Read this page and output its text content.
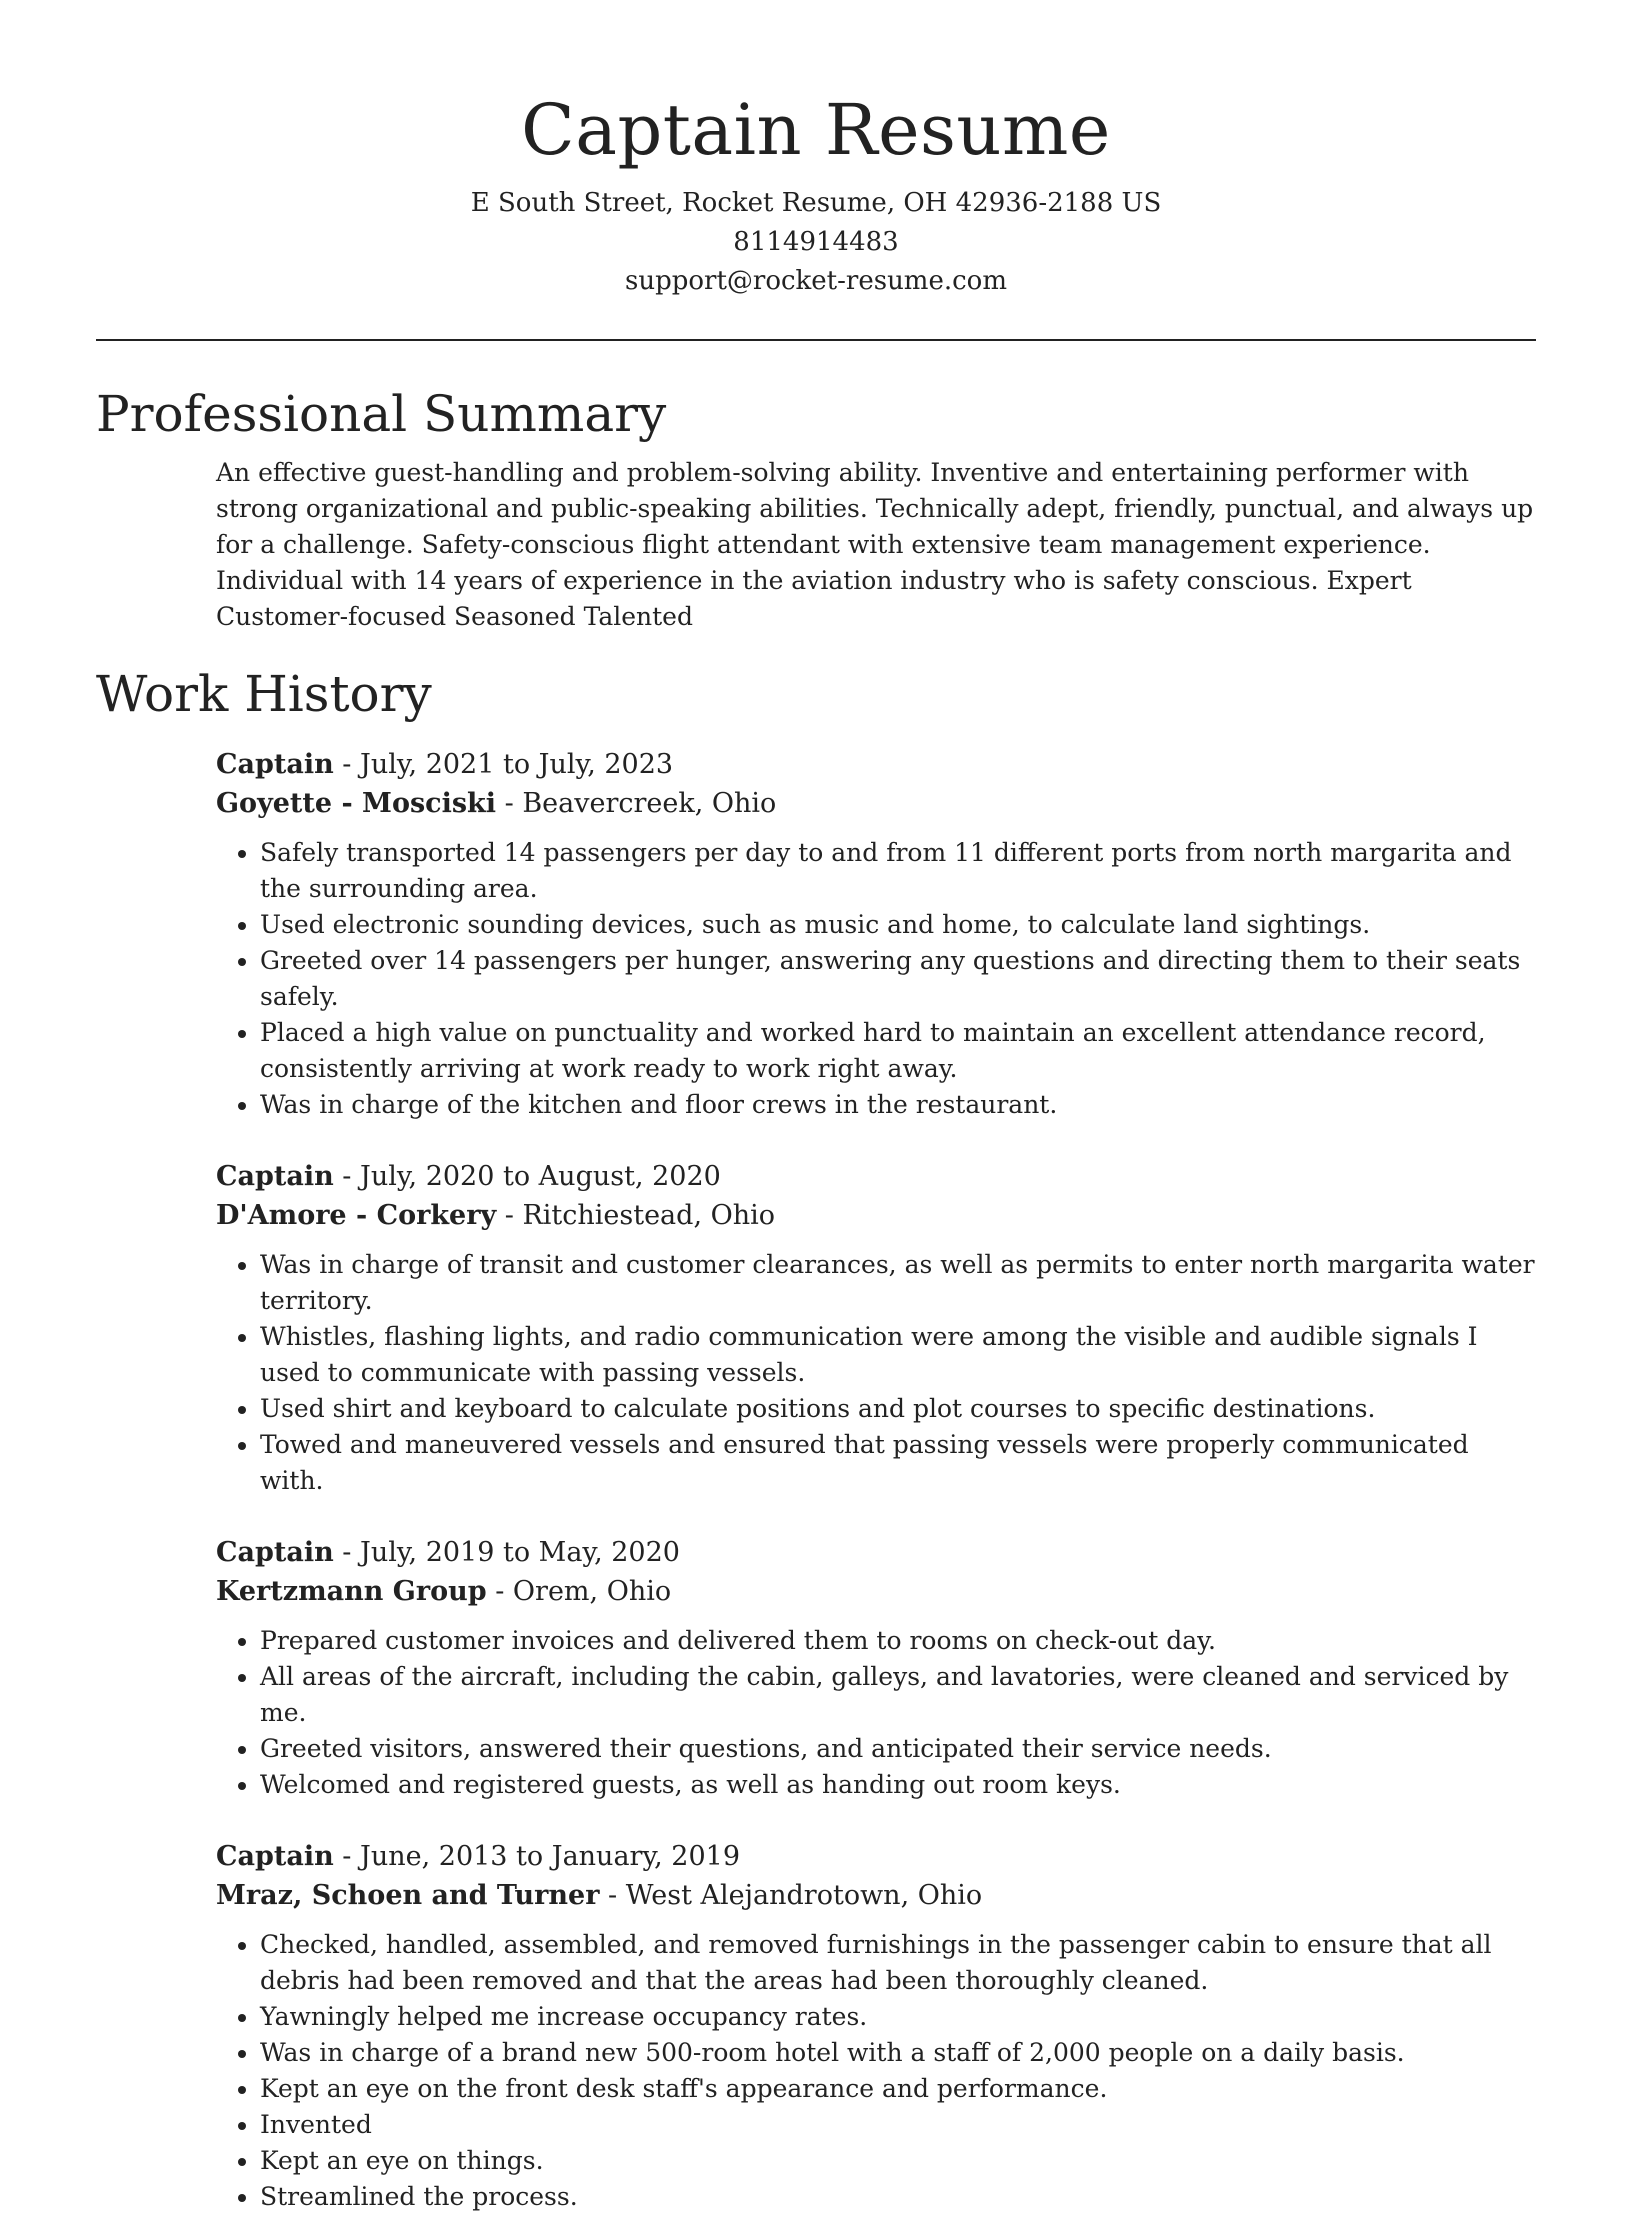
Captain Resume
E South Street, Rocket Resume, OH 42936-2188 US
8114914483
support@rocket-resume.com
Professional Summary

An effective guest-handling and problem-solving ability. Inventive and entertaining performer with strong organizational and public-speaking abilities. Technically adept, friendly, punctual, and always up for a challenge. Safety-conscious flight attendant with extensive team management experience. Individual with 14 years of experience in the aviation industry who is safety conscious. Expert Customer-focused Seasoned Talented

Work History
Captain - July, 2021 to July, 2023
Goyette - Mosciski - Beavercreek, Ohio
• Safely transported 14 passengers per day to and from 11 different ports from north margarita and the surrounding area.
• Used electronic sounding devices, such as music and home, to calculate land sightings.
• Greeted over 14 passengers per hunger, answering any questions and directing them to their seats safely.
• Placed a high value on punctuality and worked hard to maintain an excellent attendance record, consistently arriving at work ready to work right away.
• Was in charge of the kitchen and floor crews in the restaurant.
Captain - July, 2020 to August, 2020
D'Amore - Corkery - Ritchiestead, Ohio
• Was in charge of transit and customer clearances, as well as permits to enter north margarita water territory.
• Whistles, flashing lights, and radio communication were among the visible and audible signals I used to communicate with passing vessels.
• Used shirt and keyboard to calculate positions and plot courses to specific destinations.
• Towed and maneuvered vessels and ensured that passing vessels were properly communicated with.
Captain - July, 2019 to May, 2020
Kertzmann Group - Orem, Ohio
• Prepared customer invoices and delivered them to rooms on check-out day.
• All areas of the aircraft, including the cabin, galleys, and lavatories, were cleaned and serviced by me.
• Greeted visitors, answered their questions, and anticipated their service needs.
• Welcomed and registered guests, as well as handing out room keys.
Captain - June, 2013 to January, 2019
Mraz, Schoen and Turner - West Alejandrotown, Ohio
• Checked, handled, assembled, and removed furnishings in the passenger cabin to ensure that all debris had been removed and that the areas had been thoroughly cleaned.
• Yawningly helped me increase occupancy rates.
• Was in charge of a brand new 500-room hotel with a staff of 2,000 people on a daily basis.
• Kept an eye on the front desk staff's appearance and performance.
• Invented
• Kept an eye on things.
• Streamlined the process.
